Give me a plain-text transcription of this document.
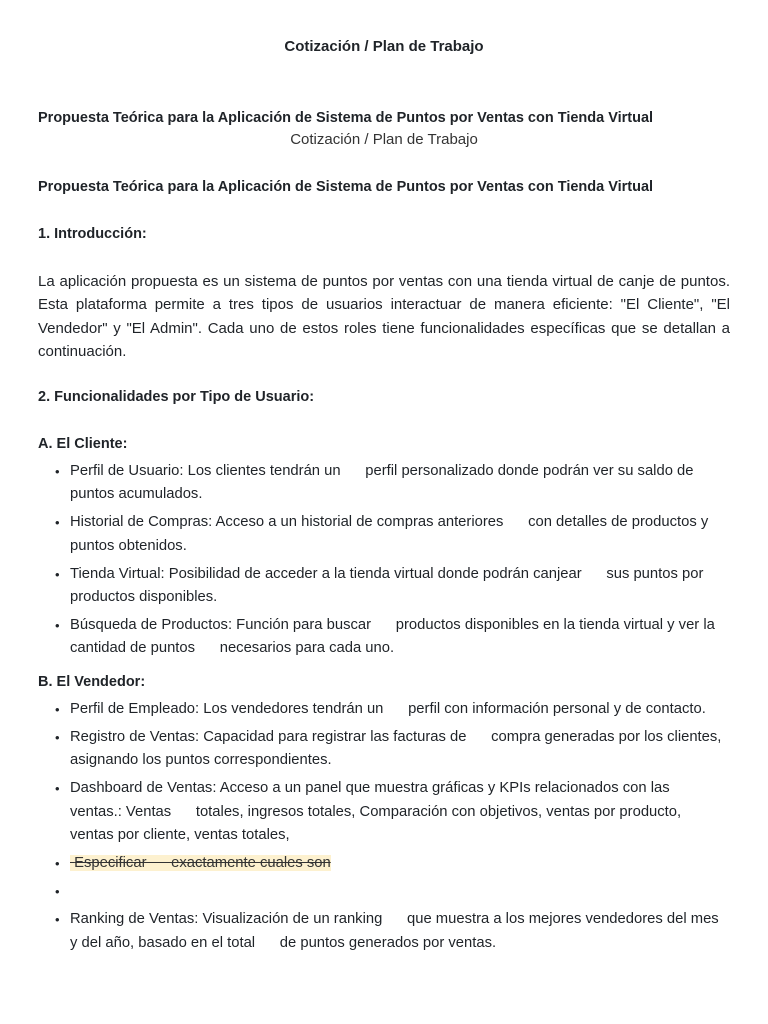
Cotización / Plan de Trabajo
Propuesta Teórica para la Aplicación de Sistema de Puntos por Ventas con Tienda Virtual
Cotización / Plan de Trabajo
Propuesta Teórica para la Aplicación de Sistema de Puntos por Ventas con Tienda Virtual
1. Introducción:

La aplicación propuesta es un sistema de puntos por ventas con una tienda virtual de canje de puntos. Esta plataforma permite a tres tipos de usuarios interactuar de manera eficiente: "El Cliente", "El Vendedor" y "El Admin". Cada uno de estos roles tiene funcionalidades específicas que se detallan a continuación.

2. Funcionalidades por Tipo de Usuario:
A. El Cliente:
• Perfil de Usuario: Los clientes tendrán un      perfil personalizado donde podrán ver su saldo de puntos acumulados.
• Historial de Compras: Acceso a un historial de compras anteriores      con detalles de productos y puntos obtenidos.
• Tienda Virtual: Posibilidad de acceder a la tienda virtual donde podrán canjear      sus puntos por productos disponibles.
• Búsqueda de Productos: Función para buscar      productos disponibles en la tienda virtual y ver la cantidad de puntos      necesarios para cada uno.
B. El Vendedor:
• Perfil de Empleado: Los vendedores tendrán un      perfil con información personal y de contacto.
• Registro de Ventas: Capacidad para registrar las facturas de      compra generadas por los clientes, asignando los puntos correspondientes.
• Dashboard de Ventas: Acceso a un panel que muestra gráficas y KPIs relacionados con las ventas.: Ventas      totales, ingresos totales, Comparación con objetivos, ventas por producto, ventas por cliente, ventas totales,
• Especificar      exactamente cuales son
•
• Ranking de Ventas: Visualización de un ranking      que muestra a los mejores vendedores del mes y del año, basado en el total      de puntos generados por ventas.
